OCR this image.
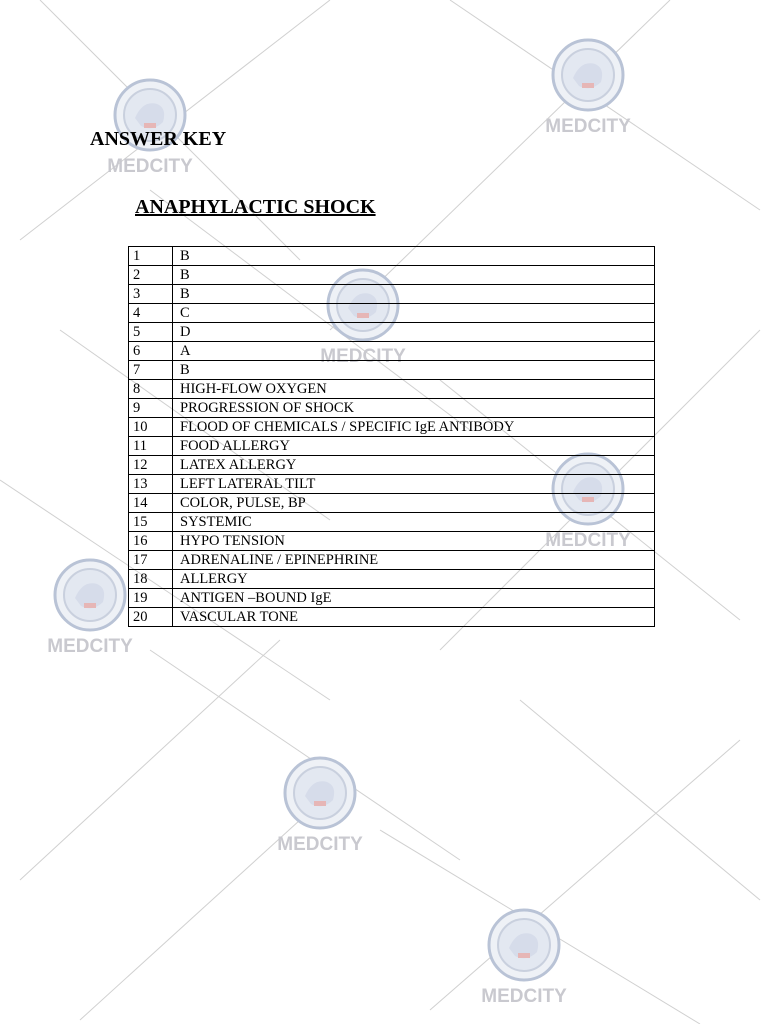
MEDCITY
MEDCITY
MEDCITY
MEDCITY
MEDCITY
MEDCITY
MEDCITY
ANSWER KEY
ANAPHYLACTIC SHOCK
1	B
2	B
3	B
4	C
5	D
6	A
7	B
8	HIGH-FLOW OXYGEN
9	PROGRESSION OF SHOCK
10	FLOOD OF CHEMICALS / SPECIFIC IgE ANTIBODY
11	FOOD ALLERGY
12	LATEX ALLERGY
13	LEFT LATERAL TILT
14	COLOR, PULSE, BP
15	SYSTEMIC
16	HYPO TENSION
17	ADRENALINE / EPINEPHRINE
18	ALLERGY
19	ANTIGEN –BOUND IgE
20	VASCULAR TONE
